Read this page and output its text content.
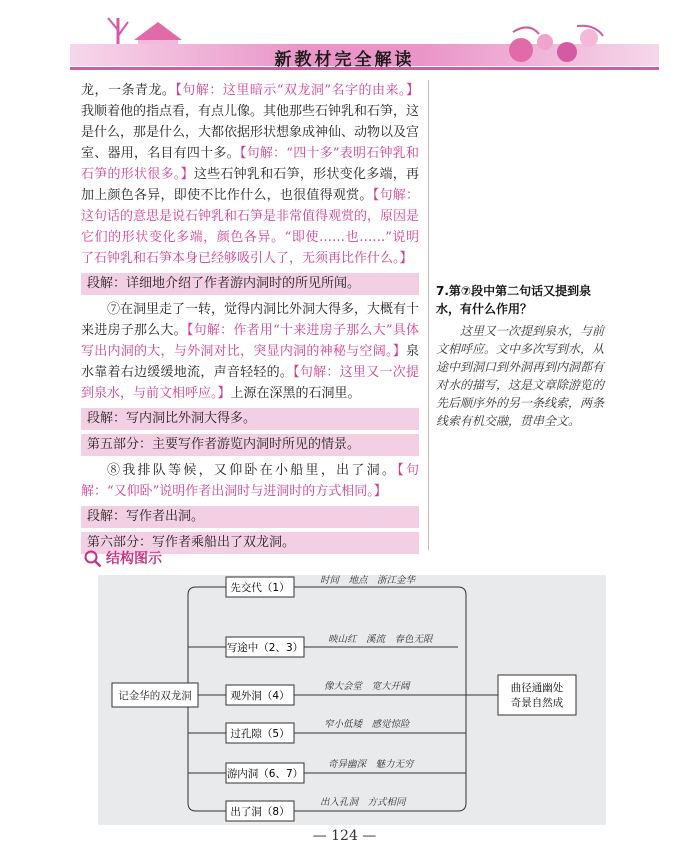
新教材完全解读

龙，一条青龙。【句解：这里暗示“双龙洞”名字的由来。】我顺着他的指点看，有点儿像。其他那些石钟乳和石笋，这是什么，那是什么，大都依据形状想象成神仙、动物以及宫室、器用，名目有四十多。【句解：“四十多”表明石钟乳和石笋的形状很多。】这些石钟乳和石笋，形状变化多端，再加上颜色各异，即使不比作什么，也很值得观赏。【句解：这句话的意思是说石钟乳和石笋是非常值得观赏的，原因是它们的形状变化多端，颜色各异。“即使……也……”说明了石钟乳和石笋本身已经够吸引人了，无须再比作什么。】

段解：详细地介绍了作者游内洞时的所见所闻。

⑦在洞里走了一转，觉得内洞比外洞大得多，大概有十来进房子那么大。【句解：作者用“十来进房子那么大”具体写出内洞的大，与外洞对比，突显内洞的神秘与空阔。】泉水靠着右边缓缓地流，声音轻轻的。【句解：这里又一次提到泉水，与前文相呼应。】上源在深黑的石洞里。

段解：写内洞比外洞大得多。
第五部分：主要写作者游览内洞时所见的情景。

⑧我排队等候，又仰卧在小船里，出了洞。【句解：“又仰卧”说明作者出洞时与进洞时的方式相同。】

段解：写作者出洞。
第六部分：写作者乘船出了双龙洞。
7.第⑦段中第二句话又提到泉水，有什么作用？
这里又一次提到泉水，与前文相呼应。文中多次写到水，从途中到洞口到外洞再到内洞都有对水的描写，这是文章除游览的先后顺序外的另一条线索，两条线索有机交融，贯串全文。
结构图示
记金华的双龙洞
先交代（1）
时间　地点　浙江金华
写途中（2、3）
映山红　溪流　春色无限
观外洞（4）
像大会堂　宽大开阔
过孔隙（5）
窄小低矮　感觉惊险
游内洞（6、7）
奇异幽深　魅力无穷
出了洞（8）
出入孔洞　方式相同
曲径通幽处
奇景自然成
— 124 —
